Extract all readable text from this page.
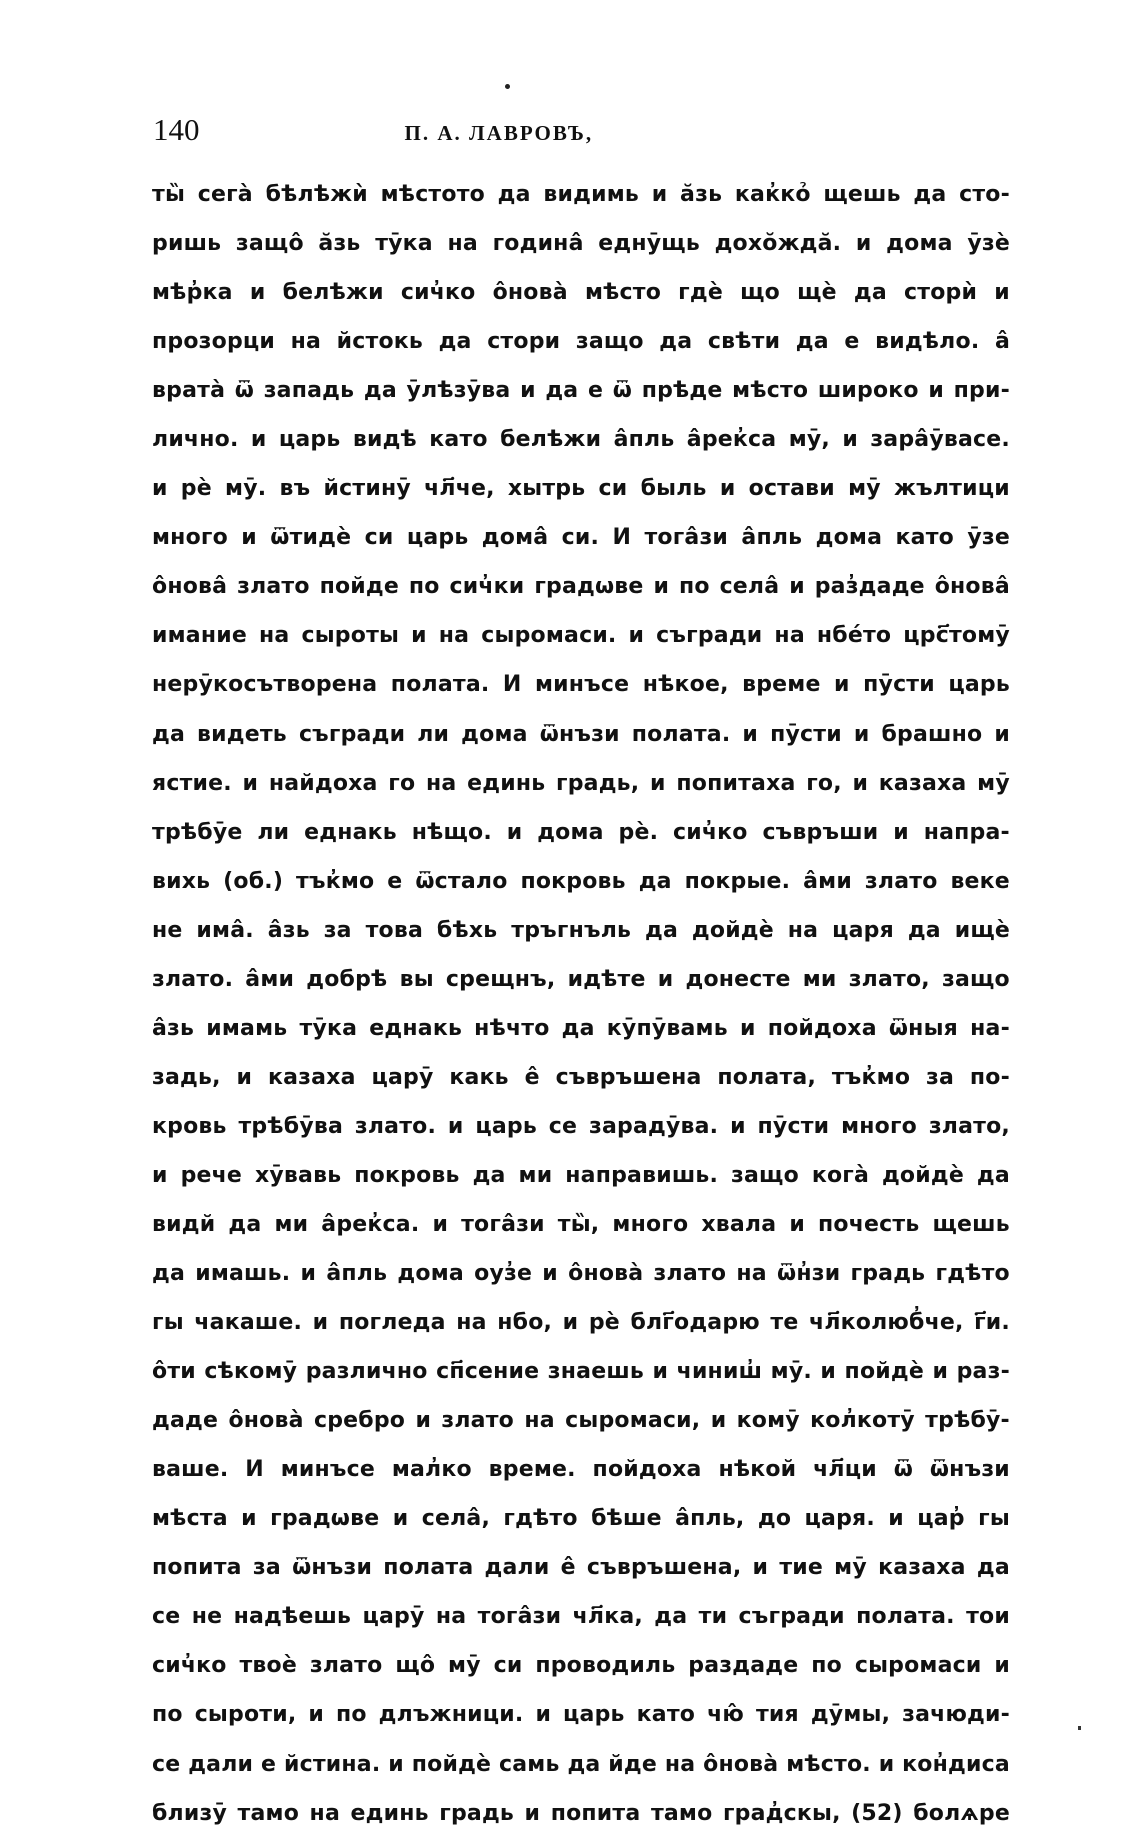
140	П. А. ЛАВРОВЪ,
ты̏ сегà бѣлѣжѝ мѣстото да видимь и ӑзь как̓кỏ щешь да сто-
ришь защо̂ ӑзь тӯка на година̂ еднӯщь дохо̆ждӑ. и дома ӯзѐ
мѣр̓ка и белѣжи сич̓ко о̂новà мѣсто гдѐ що щѐ да сторѝ и
прозорци на йстокь да стори защо да свѣти да е видѣло. а̂
вратà ѿ западь да ӯлѣзӯва и да е ѿ прѣде мѣсто широко и при-
лично. и царь видѣ като белѣжи а̂пль а̂рек̓са мӯ, и зара̂ӯвасе.
и рѐ мӯ. въ йстинӯ чл҃че, хытрь си быль и остави мӯ жълтици
много и ѿтидѐ си царь дома̂ си. И тога̂зи а̂пль дома като ӯзе
о̂нова̂ злато пойде по сич̓ки градѡве и по села̂ и раз̓даде о̂нова̂
имание на сыроты и на сыромаси. и съгради на нбе́то црс҃томӯ
нерӯкосътворена полата. И минъсе нѣкое, време и пӯсти царь
да видеть съгради ли дома ѿнъзи полата. и пӯсти и брашно и
ястие. и найдоха го на единь градь, и попитаха го, и казаха мӯ
трѣбӯе ли еднакь нѣщо. и дома рѐ. сич̓ко съвръши и напра-
вихь (об.) тък̓мо е ѿстало покровь да покрые. а̂ми злато веке
не има̂. а̂зь за това бѣхь тръгнъль да дойдѐ на царя да ищѐ
злато. а̂ми добрѣ вы срещнъ, идѣте и донесте ми злато, защо
а̂зь имамь тӯка еднакь нѣчто да кӯпӯвамь и пойдоха ѿныя на-
задь, и казаха царӯ какь е̂ съвръшена полата, тък̓мо за по-
кровь трѣбӯва злато. и царь се зарадӯва. и пӯсти много злато,
и рече хӯвавь покровь да ми направишь. защо когà дойдѐ да
видй да ми а̂рек̓са. и тога̂зи ты̏, много хвала и почесть щешь
да имашь. и а̂пль дома оуз̓е и о̂новà злато на ѿн̓зи градь гдѣто
гы чакаше. и погледа на нбо, и рѐ блг҃одарю те чл҃колюб̓че, г҃и.
о̂ти сѣкомӯ различно сп҃сение знаешь и чиниш̓ мӯ. и пойдѐ и раз-
даде о̂новà сребро и злато на сыромаси, и комӯ кол̓котӯ трѣбӯ-
ваше. И минъсе мал̓ко време. пойдоха нѣкой чл҃ци ѿ ѿнъзи
мѣста и градѡве и села̂, гдѣто бѣше а̂пль, до царя. и цар̓ гы
попита за ѿнъзи полата дали е̂ съвръшена, и тие мӯ казаха да
се не надѣешь царӯ на тога̂зи чл҃ка, да ти съгради полата. тои
сич̓ко твоѐ злато що̂ мӯ си проводиль раздаде по сыромаси и
по сыроти, и по длъжници. и царь като чю̂ тия дӯмы, зачюди-
се дали е йстина. и пойдѐ самь да йде на о̂новà мѣсто. и кон̓диса
близӯ тамо на единь градь и попита тамо град̓скы, (52) болѧре
